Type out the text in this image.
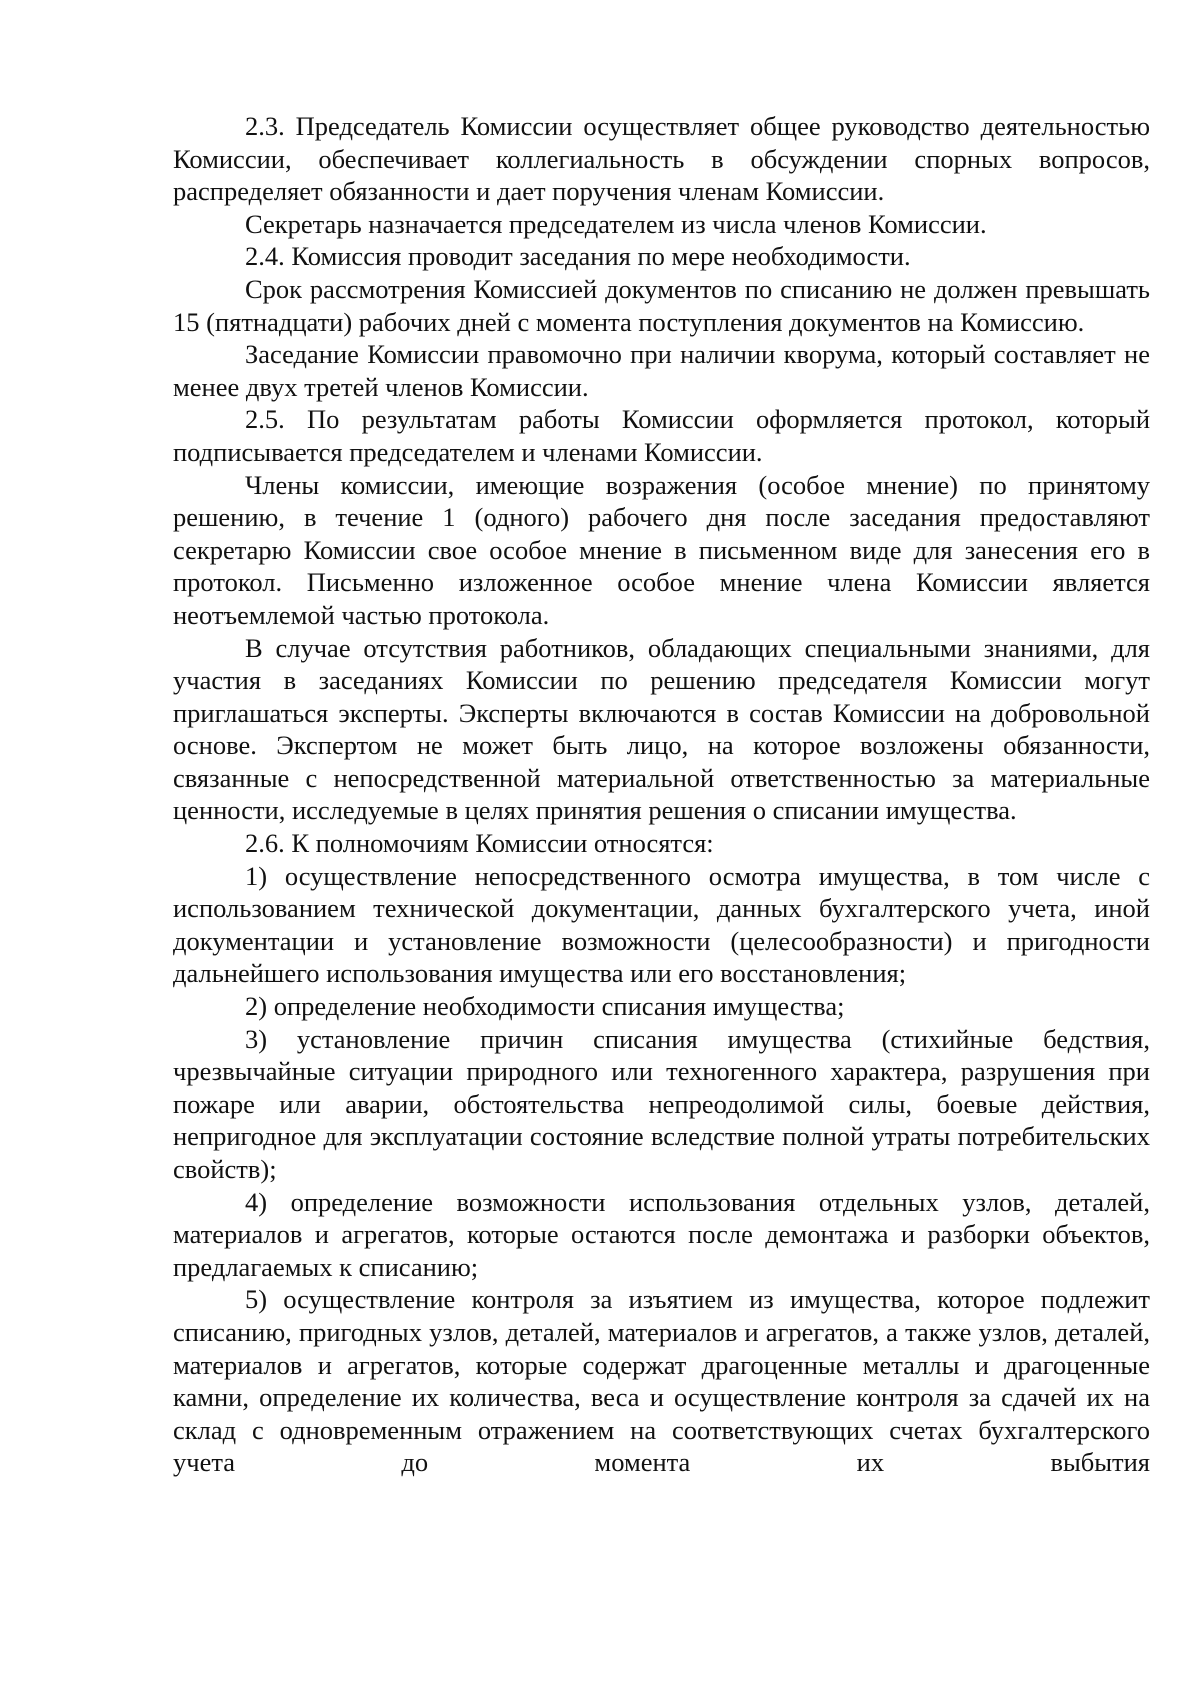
2.3. Председатель Комиссии осуществляет общее руководство деятельностью Комиссии, обеспечивает коллегиальность в обсуждении спорных вопросов, распределяет обязанности и дает поручения членам Комиссии.

Секретарь назначается председателем из числа членов Комиссии.

2.4. Комиссия проводит заседания по мере необходимости.

Срок рассмотрения Комиссией документов по списанию не должен превышать 15 (пятнадцати) рабочих дней с момента поступления документов на Комиссию.

Заседание Комиссии правомочно при наличии кворума, который составляет не менее двух третей членов Комиссии.

2.5. По результатам работы Комиссии оформляется протокол, который подписывается председателем и членами Комиссии.

Члены комиссии, имеющие возражения (особое мнение) по принятому решению, в течение 1 (одного) рабочего дня после заседания предоставляют секретарю Комиссии свое особое мнение в письменном виде для занесения его в протокол. Письменно изложенное особое мнение члена Комиссии является неотъемлемой частью протокола.

В случае отсутствия работников, обладающих специальными знаниями, для участия в заседаниях Комиссии по решению председателя Комиссии могут приглашаться эксперты. Эксперты включаются в состав Комиссии на добровольной основе. Экспертом не может быть лицо, на которое возложены обязанности, связанные с непосредственной материальной ответственностью за материальные ценности, исследуемые в целях принятия решения о списании имущества.

2.6. К полномочиям Комиссии относятся:

1) осуществление непосредственного осмотра имущества, в том числе с использованием технической документации, данных бухгалтерского учета, иной документации и установление возможности (целесообразности) и пригодности дальнейшего использования имущества или его восстановления;

2) определение необходимости списания имущества;

3) установление причин списания имущества (стихийные бедствия, чрезвычайные ситуации природного или техногенного характера, разрушения при пожаре или аварии, обстоятельства непреодолимой силы, боевые действия, непригодное для эксплуатации состояние вследствие полной утраты потребительских свойств);

4) определение возможности использования отдельных узлов, деталей, материалов и агрегатов, которые остаются после демонтажа и разборки объектов, предлагаемых к списанию;

5) осуществление контроля за изъятием из имущества, которое подлежит списанию, пригодных узлов, деталей, материалов и агрегатов, а также узлов, деталей, материалов и агрегатов, которые содержат драгоценные металлы и драгоценные камни, определение их количества, веса и осуществление контроля за сдачей их на склад с одновременным отражением на соответствующих счетах бухгалтерского учета до момента их выбытия
